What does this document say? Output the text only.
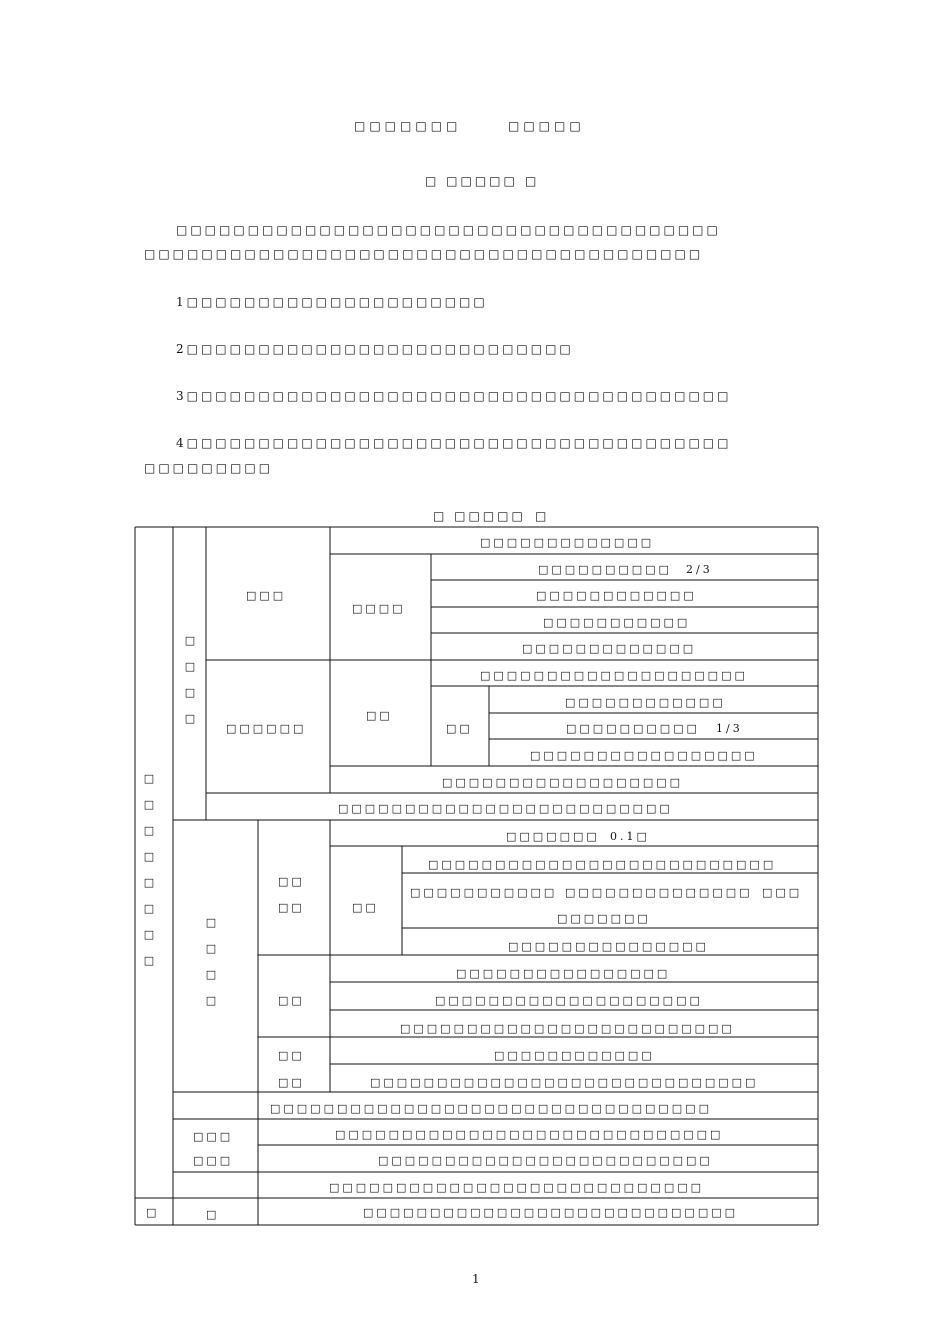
□□□□□□□	□□□□□
□ □□□□□ □
□□□□□□□□□□□□□□□□□□□□□□□□□□□□□□□□□□□□□□
□□□□□□□□□□□□□□□□□□□□□□□□□□□□□□□□□□□□□□□
1□□□□□□□□□□□□□□□□□□□□□
2□□□□□□□□□□□□□□□□□□□□□□□□□□□
3□□□□□□□□□□□□□□□□□□□□□□□□□□□□□□□□□□□□□□
4□□□□□□□□□□□□□□□□□□□□□□□□□□□□□□□□□□□□□□
□□□□□□□□□
□ □□□□□ □
□□□□□□□□
□
□□□□
□□□
□□□□□□□□□□□□□
□□□□
□□□□□□□□□□ 2/3
□□□□□□□□□□□□
□□□□□□□□□□□
□□□□□□□□□□□□□
□□□□□□
□□
□□□□□□□□□□□□□□□□□□□□
□□
□□□□□□□□□□□□
□□□□□□□□□□ 1/3
□□□□□□□□□□□□□□□□□
□□□□□□□□□□□□□□□□□□
□□□□□□□□□□□□□□□□□□□□□□□□□
□□□□
□□
□□
□□□□□□□ 0.1□
□□
□□□□□□□□□□□□□□□□□□□□□□□□□□
□□□□□□□□□□□ □□□□□□□□□□□□□□ □□□
□□□□□□□
□□□□□□□□□□□□□□□
□□
□□□□□□□□□□□□□□□□
□□□□□□□□□□□□□□□□□□□□
□□□□□□□□□□□□□□□□□□□□□□□□□
□□
□□
□□□□□□□□□□□□
□□□□□□□□□□□□□□□□□□□□□□□□□□□□□
□□□□□□□□□□□□□□□□□□□□□□□□□□□□□□□□□
□□□
□□□
□□□□□□□□□□□□□□□□□□□□□□□□□□□□□
□□□□□□□□□□□□□□□□□□□□□□□□□
□□□□□□□□□□□□□□□□□□□□□□□□□□□□
□	□□□□□□□□□□□□□□□□□□□□□□□□□□□□
1
